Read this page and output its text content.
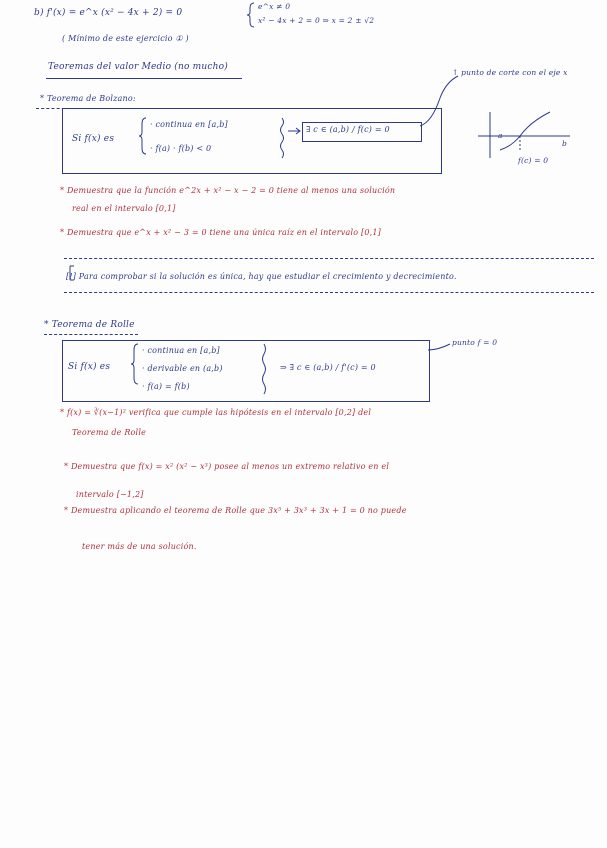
b) f'(x) = e^x (x² − 4x + 2) = 0
e^x ≠ 0
x² − 4x + 2 = 0 ⇒ x = 2 ± √2
( Mínimo de este ejercicio ① )
Teoremas del valor Medio (no mucho)
* Teorema de Bolzano:
↑ punto de corte con el eje x
Si f(x) es
· continua en [a,b]
· f(a) · f(b) < 0
∃ c ∈ (a,b) / f(c) = 0
f(c) = 0
a
b
* Demuestra que la función e^2x + x² − x − 2 = 0 tiene al menos una solución
real en el intervalo [0,1]
* Demuestra que e^x + x² − 3 = 0 tiene una única raíz en el intervalo [0,1]
[!] Para comprobar si la solución es única, hay que estudiar el crecimiento y decrecimiento.
* Teorema de Rolle
Si f(x) es
· continua en [a,b]
· derivable en (a,b)
· f(a) = f(b)
⇒ ∃ c ∈ (a,b) / f'(c) = 0
punto f = 0
* f(x) = ∛(x−1)² verifica que cumple las hipótesis en el intervalo [0,2] del
Teorema de Rolle
* Demuestra que f(x) = x² (x² − x³) posee al menos un extremo relativo en el
intervalo [−1,2]
* Demuestra aplicando el teorema de Rolle que 3x⁵ + 3x³ + 3x + 1 = 0 no puede
tener más de una solución.
